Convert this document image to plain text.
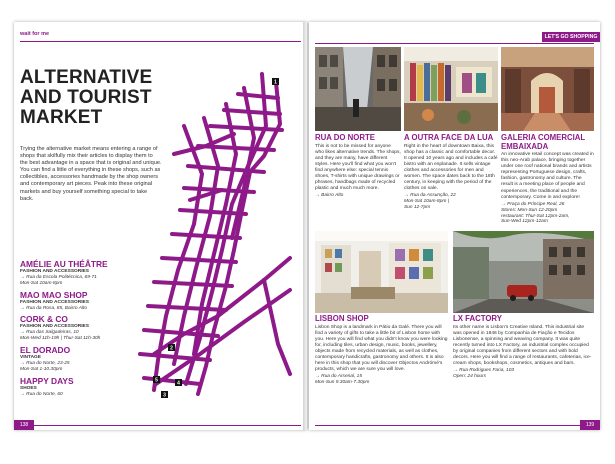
wait for me
ALTERNATIVE AND TOURIST MARKET
Trying the alternative market means entering a range of shops that skilfully mix their articles to display them to the best advantage in a space that is original and unique. You can find a little of everything in these shops, such as collectibles, accessories handmade by the shop owners and contemporary art pieces. Peak into these original markets and buy yourself something special to take back.
AMÉLIE AU THÉÂTRE
FASHION AND ACCESSORIES
→ Rua da Escola Politécnica, 69-71
Mon-Sat 10am-8pm
MAO MAO SHOP
FASHION AND ACCESSORIES
→ Rua da Rosa, 85, Bairro Alto
CORK & CO
FASHION AND ACCESSORIES
→ Rua das Salgadeiras, 10
Mon-Wed 11h-19h | Thur-Sat 11h-30h
EL DORADO
VINTAGE
→ Rua do Norte, 23-25
Mon-Sat 1-10.30pm
HAPPY DAYS
SHOES
→ Rua do Norte, 60
1
2
3
4
5
138
LET'S GO SHOPPING
RUA DO NORTE
This is not to be missed for anyone who likes alternative trends. The shops, and they are many, have different styles. Here you'll find what you won't find anywhere else: special tennis shoes, T-shirts with unique drawings or phrases, handbags made of recycled plastic and much much more.
→ Bairro Alto
A OUTRA FACE DA LUA
Right in the heart of downtown Baixa, this shop has a classic and comfortable decor. It opened 10 years ago and includes a café bistro with an esplanade. It sells vintage clothes and accessories for men and women. The space dates back to the 18th century, in keeping with the period of the clothes on sale.
→ Rua da Assunção, 22
Mon-Sat 10am-8pm |
Sun 12-7pm
GALERIA COMERCIAL EMBAIXADA
An innovative retail concept was created in this neo-Arab palace, bringing together under one roof national brands and artists representing Portuguese design, crafts, fashion, gastronomy and culture. The result is a meeting place of people and experiences, the traditional and the contemporary. Come in and explore!
→ Praça do Príncipe Real, 26
Stores: Mon-Sun 12-20pm
restaurant: Thur-Sat 12pm-2am,
Sun-Wed 12pm-12am
LISBON SHOP
Lisbon Shop is a landmark in Pátio da Galé. There you will find a variety of gifts to take a little bit of Lisbon home with you. Here you will find what you didn't know you were looking for, including tiles, urban design, music, books, jewellery, objects made from recycled materials, as well as clothes, contemporary handicrafts, gastronomy and others. It is also here in this shop that you will discover Objectos Andrómé's products, which we are sure you will love.
→ Rua do Arsenal, 15
Mon-Sun 9.30am-7.30pm
LX FACTORY
Its other name is Lisbon's Creative Island. This industrial site was opened in 1846 by Companhia de Fiação e Tecidos Lisbonense, a spinning and weaving company. It was quite recently turned into LX Factory, an industrial complex occupied by original companies from different sectors and with bold decors. Here you will find a range of restaurants, cafeterias, ice-cream shops, bookshops, cosmetics, antiques and bars.
→ Rua Rodrigues Faria, 103
Open: 24 hours
139
